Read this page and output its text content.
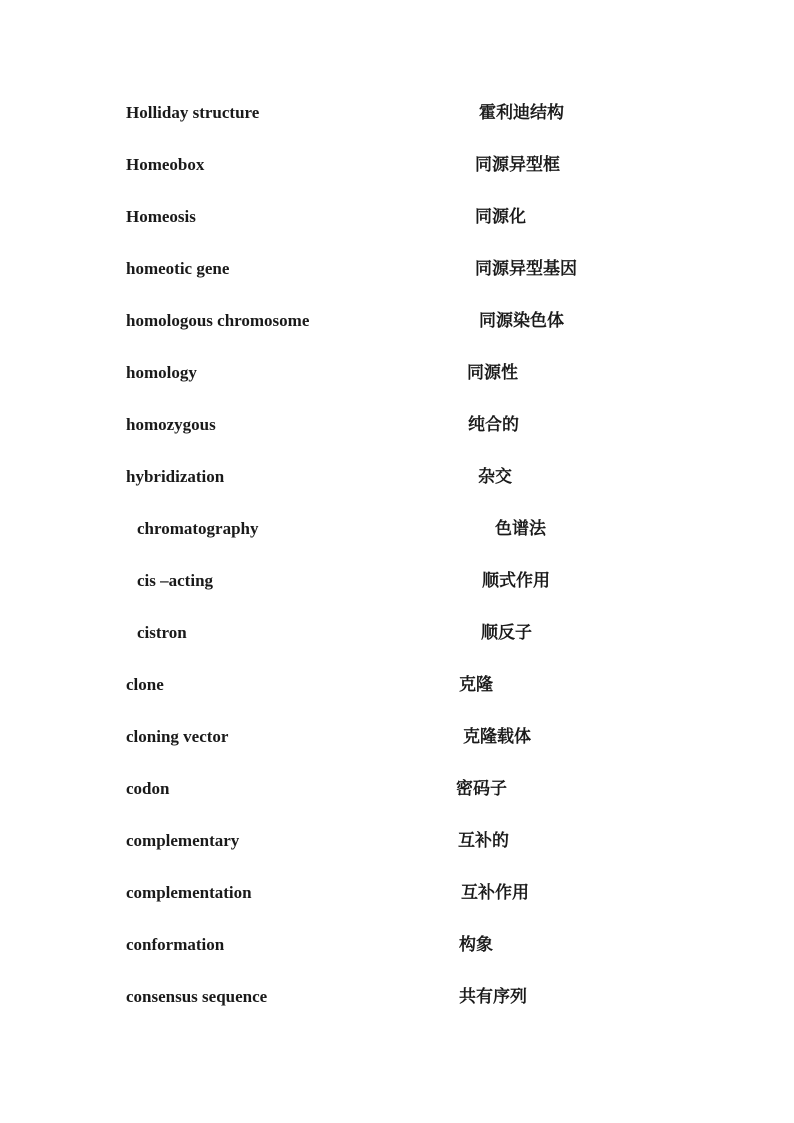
Holliday structure	霍利迪结构
Homeobox	同源异型框
Homeosis	同源化
homeotic gene	同源异型基因
homologous chromosome	同源染色体
homology	同源性
homozygous	纯合的
hybridization	杂交
chromatography	色谱法
cis –acting	顺式作用
cistron	顺反子
clone	克隆
cloning vector	克隆载体
codon	密码子
complementary	互补的
complementation	互补作用
conformation	构象
consensus sequence	共有序列
